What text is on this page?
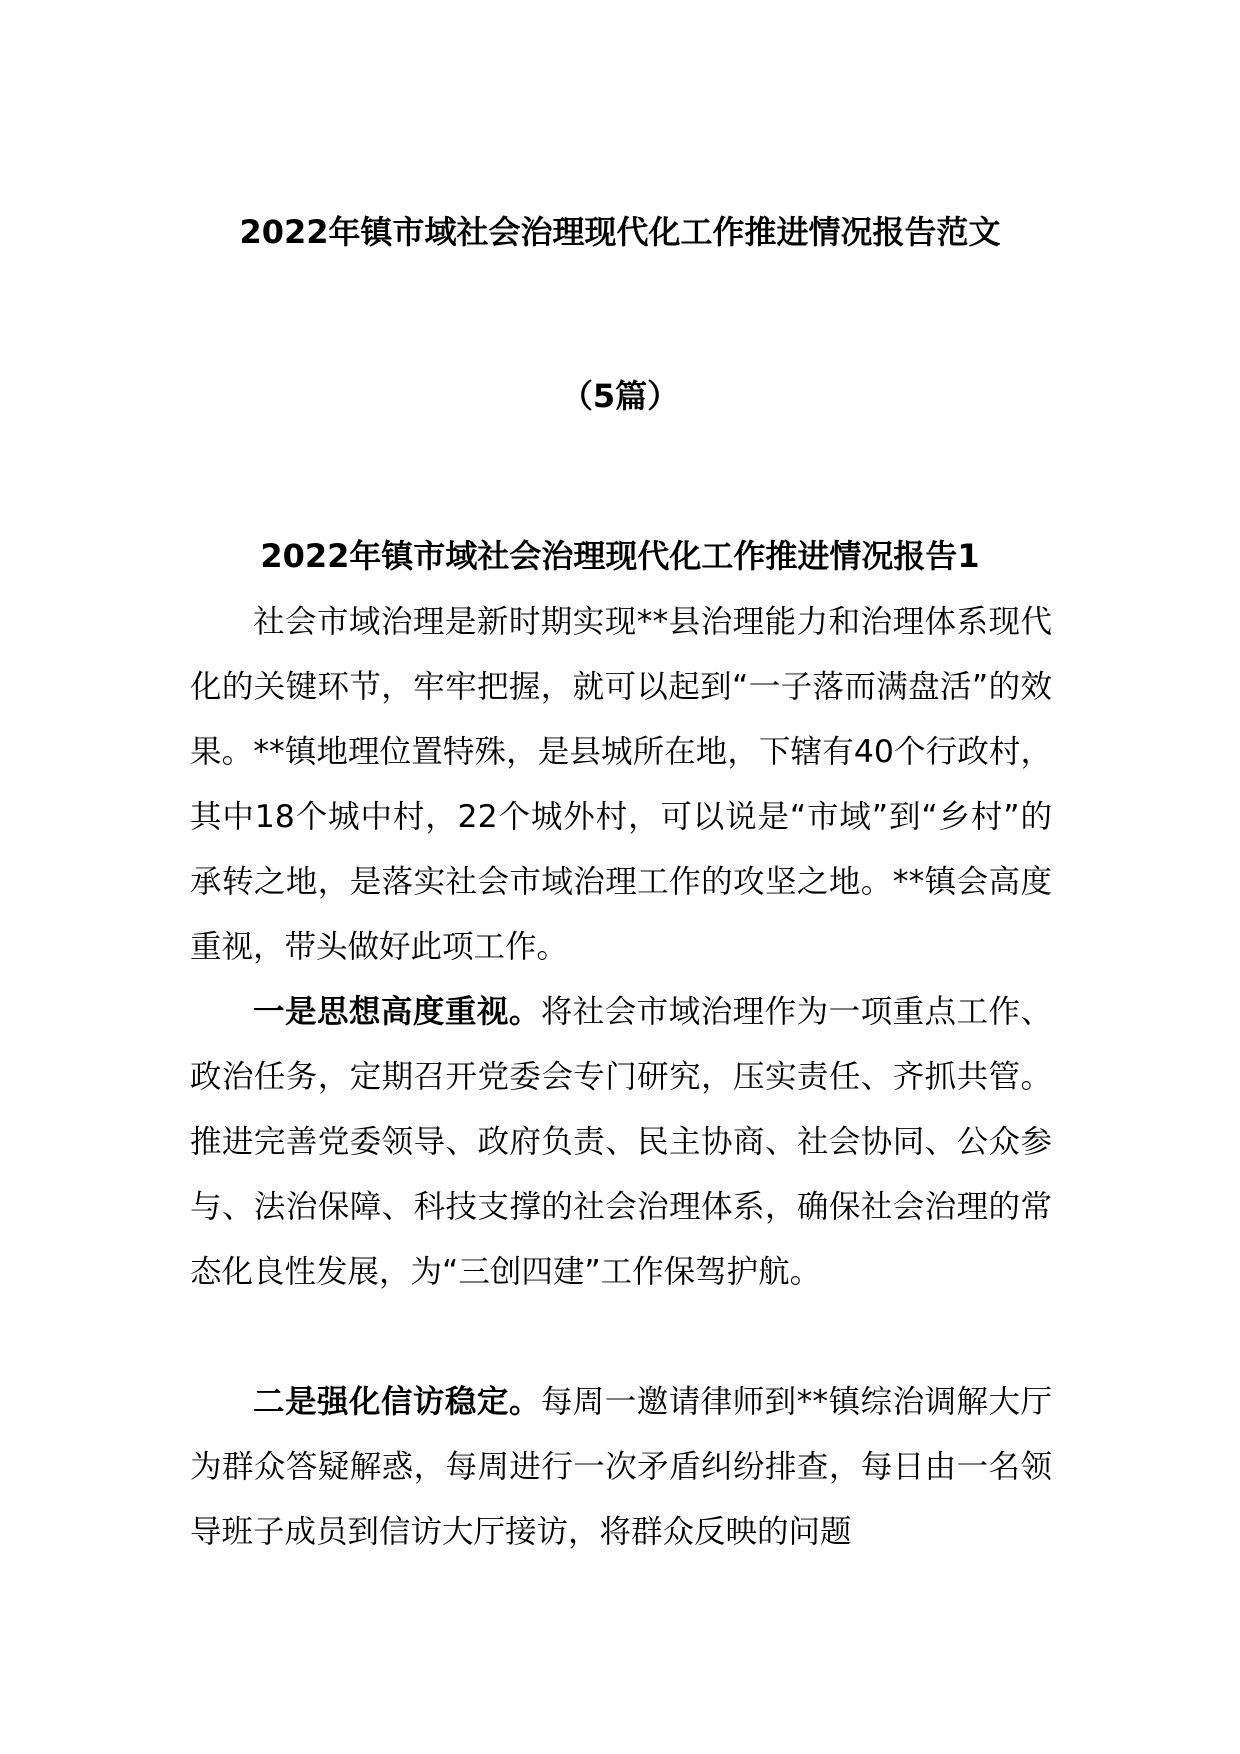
2022年镇市域社会治理现代化工作推进情况报告范文
（5篇）
2022年镇市域社会治理现代化工作推进情况报告1

社会市域治理是新时期实现**县治理能力和治理体系现代化的关键环节，牢牢把握，就可以起到“一子落而满盘活”的效果。**镇地理位置特殊，是县城所在地，下辖有40个行政村，其中18个城中村，22个城外村，可以说是“市域”到“乡村”的承转之地，是落实社会市域治理工作的攻坚之地。**镇会高度重视，带头做好此项工作。

一是思想高度重视。将社会市域治理作为一项重点工作、政治任务，定期召开党委会专门研究，压实责任、齐抓共管。推进完善党委领导、政府负责、民主协商、社会协同、公众参与、法治保障、科技支撑的社会治理体系，确保社会治理的常态化良性发展，为“三创四建”工作保驾护航。

二是强化信访稳定。每周一邀请律师到**镇综治调解大厅为群众答疑解惑，每周进行一次矛盾纠纷排查，每日由一名领导班子成员到信访大厅接访，将群众反映的问题
